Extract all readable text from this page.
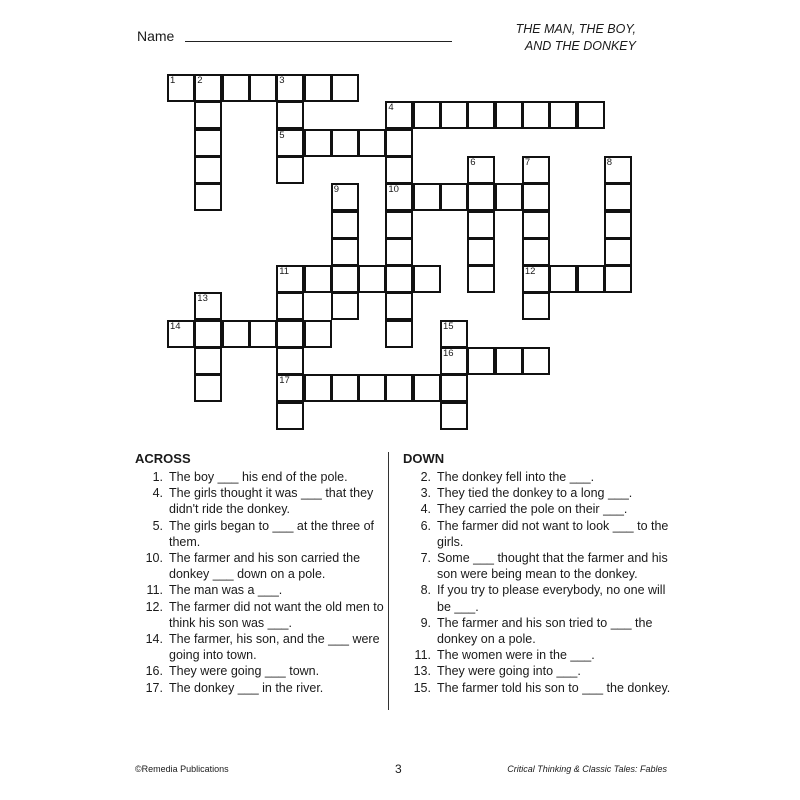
Name	THE MAN, THE BOY,
AND THE DONKEY
1 2	3
4
5
6	7	8
9	10
11	12
13
14	15
16
17
ACROSS
1. The boy ___ his end of the pole.
4. The girls thought it was ___ that they didn't ride the donkey.
5. The girls began to ___ at the three of them.
10. The farmer and his son carried the donkey ___ down on a pole.
11. The man was a ___.
12. The farmer did not want the old men to think his son was ___.
14. The farmer, his son, and the ___ were going into town.
16. They were going ___ town.
17. The donkey ___ in the river.
DOWN
2. The donkey fell into the ___.
3. They tied the donkey to a long ___.
4. They carried the pole on their ___.
6. The farmer did not want to look ___ to the girls.
7. Some ___ thought that the farmer and his son were being mean to the donkey.
8. If you try to please everybody, no one will be ___.
9. The farmer and his son tried to ___ the donkey on a pole.
11. The women were in the ___.
13. They were going into ___.
15. The farmer told his son to ___ the donkey.
©Remedia Publications	3	Critical Thinking & Classic Tales: Fables
